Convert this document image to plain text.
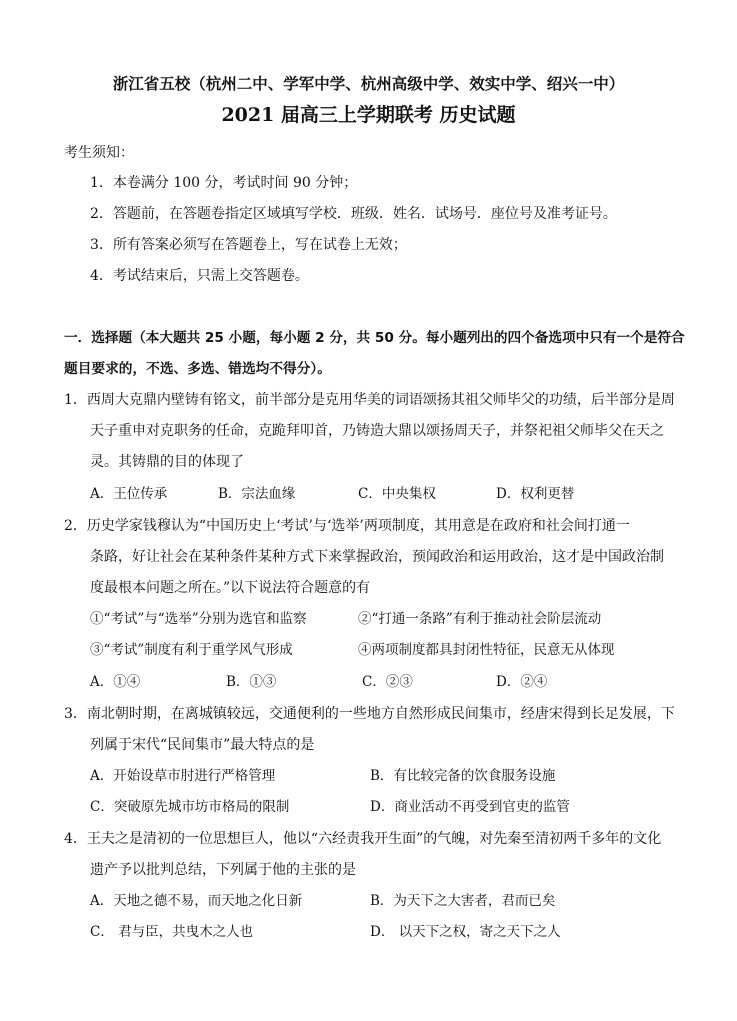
浙江省五校（杭州二中、学军中学、杭州高级中学、效实中学、绍兴一中）
2021 届高三上学期联考 历史试题
考生须知：
1．本卷满分 100 分，考试时间 90 分钟；
2．答题前，在答题卷指定区域填写学校．班级．姓名．试场号．座位号及准考证号。
3．所有答案必须写在答题卷上，写在试卷上无效；
4．考试结束后，只需上交答题卷。
一．选择题（本大题共 25 小题，每小题 2 分，共 50 分。每小题列出的四个备选项中只有一个是符合
题目要求的，不选、多选、错选均不得分）。
1．西周大克鼎内壁铸有铭文，前半部分是克用华美的词语颂扬其祖父师毕父的功绩，后半部分是周
天子重申对克职务的任命，克跪拜叩首，乃铸造大鼎以颂扬周天子，并祭祀祖父师毕父在天之
灵。其铸鼎的目的体现了
A．王位传承	B．宗法血缘	C．中央集权	D．权利更替
2．历史学家钱穆认为“中国历史上‘考试’与‘选举’两项制度，其用意是在政府和社会间打通一
条路，好让社会在某种条件某种方式下来掌握政治，预闻政治和运用政治，这才是中国政治制
度最根本问题之所在。”以下说法符合题意的有
①“考试”与“选举”分别为选官和监察	②“打通一条路”有利于推动社会阶层流动
③“考试”制度有利于重学风气形成	④两项制度都具封闭性特征，民意无从体现
A．①④	B．①③	C．②③	D．②④
3．南北朝时期，在离城镇较远，交通便利的一些地方自然形成民间集市，经唐宋得到长足发展，下
列属于宋代“民间集市”最大特点的是
A．开始设草市肘进行严格管理	B．有比较完备的饮食服务设施
C．突破原先城市坊市格局的限制	D．商业活动不再受到官吏的监管
4．王夫之是清初的一位思想巨人，他以“六经责我开生面”的气魄，对先秦至清初两千多年的文化
遗产予以批判总结，下列属于他的主张的是
A．天地之德不易，而天地之化日新	B．为天下之大害者，君而已矣
C． 君与臣，共曳木之人也	D． 以天下之权，寄之天下之人
